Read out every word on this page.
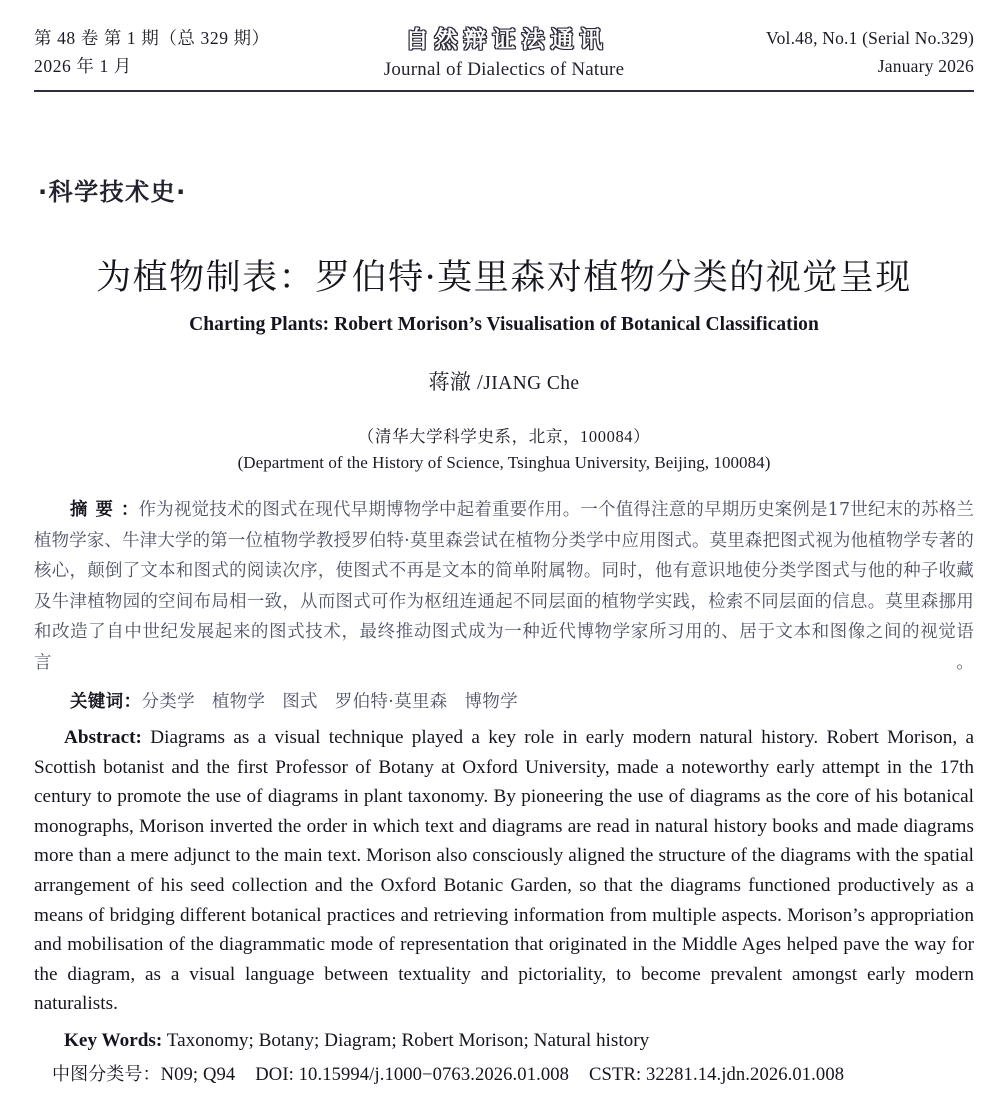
第 48 卷 第 1 期（总 329 期）
2026 年 1 月
自然辩证法通讯
Journal of Dialectics of Nature
Vol.48, No.1 (Serial No.329)
January 2026
·科学技术史·
为植物制表：罗伯特·莫里森对植物分类的视觉呈现
Charting Plants: Robert Morison’s Visualisation of Botanical Classification
蒋澈 /JIANG Che
（清华大学科学史系，北京，100084）
(Department of the History of Science, Tsinghua University, Beijing, 100084)
摘要：作为视觉技术的图式在现代早期博物学中起着重要作用。一个值得注意的早期历史案例是17世纪末的苏格兰植物学家、牛津大学的第一位植物学教授罗伯特·莫里森尝试在植物分类学中应用图式。莫里森把图式视为他植物学专著的核心，颠倒了文本和图式的阅读次序，使图式不再是文本的简单附属物。同时，他有意识地使分类学图式与他的种子收藏及牛津植物园的空间布局相一致，从而图式可作为枢纽连通起不同层面的植物学实践，检索不同层面的信息。莫里森挪用和改造了自中世纪发展起来的图式技术，最终推动图式成为一种近代博物学家所习用的、居于文本和图像之间的视觉语言。
关键词：分类学 植物学 图式 罗伯特·莫里森 博物学
Abstract: Diagrams as a visual technique played a key role in early modern natural history. Robert Morison, a Scottish botanist and the first Professor of Botany at Oxford University, made a noteworthy early attempt in the 17th century to promote the use of diagrams in plant taxonomy. By pioneering the use of diagrams as the core of his botanical monographs, Morison inverted the order in which text and diagrams are read in natural history books and made diagrams more than a mere adjunct to the main text. Morison also consciously aligned the structure of the diagrams with the spatial arrangement of his seed collection and the Oxford Botanic Garden, so that the diagrams functioned productively as a means of bridging different botanical practices and retrieving information from multiple aspects. Morison’s appropriation and mobilisation of the diagrammatic mode of representation that originated in the Middle Ages helped pave the way for the diagram, as a visual language between textuality and pictoriality, to become prevalent amongst early modern naturalists.
Key Words: Taxonomy; Botany; Diagram; Robert Morison; Natural history
中图分类号：N09; Q94 DOI: 10.15994/j.1000−0763.2026.01.008 CSTR: 32281.14.jdn.2026.01.008
